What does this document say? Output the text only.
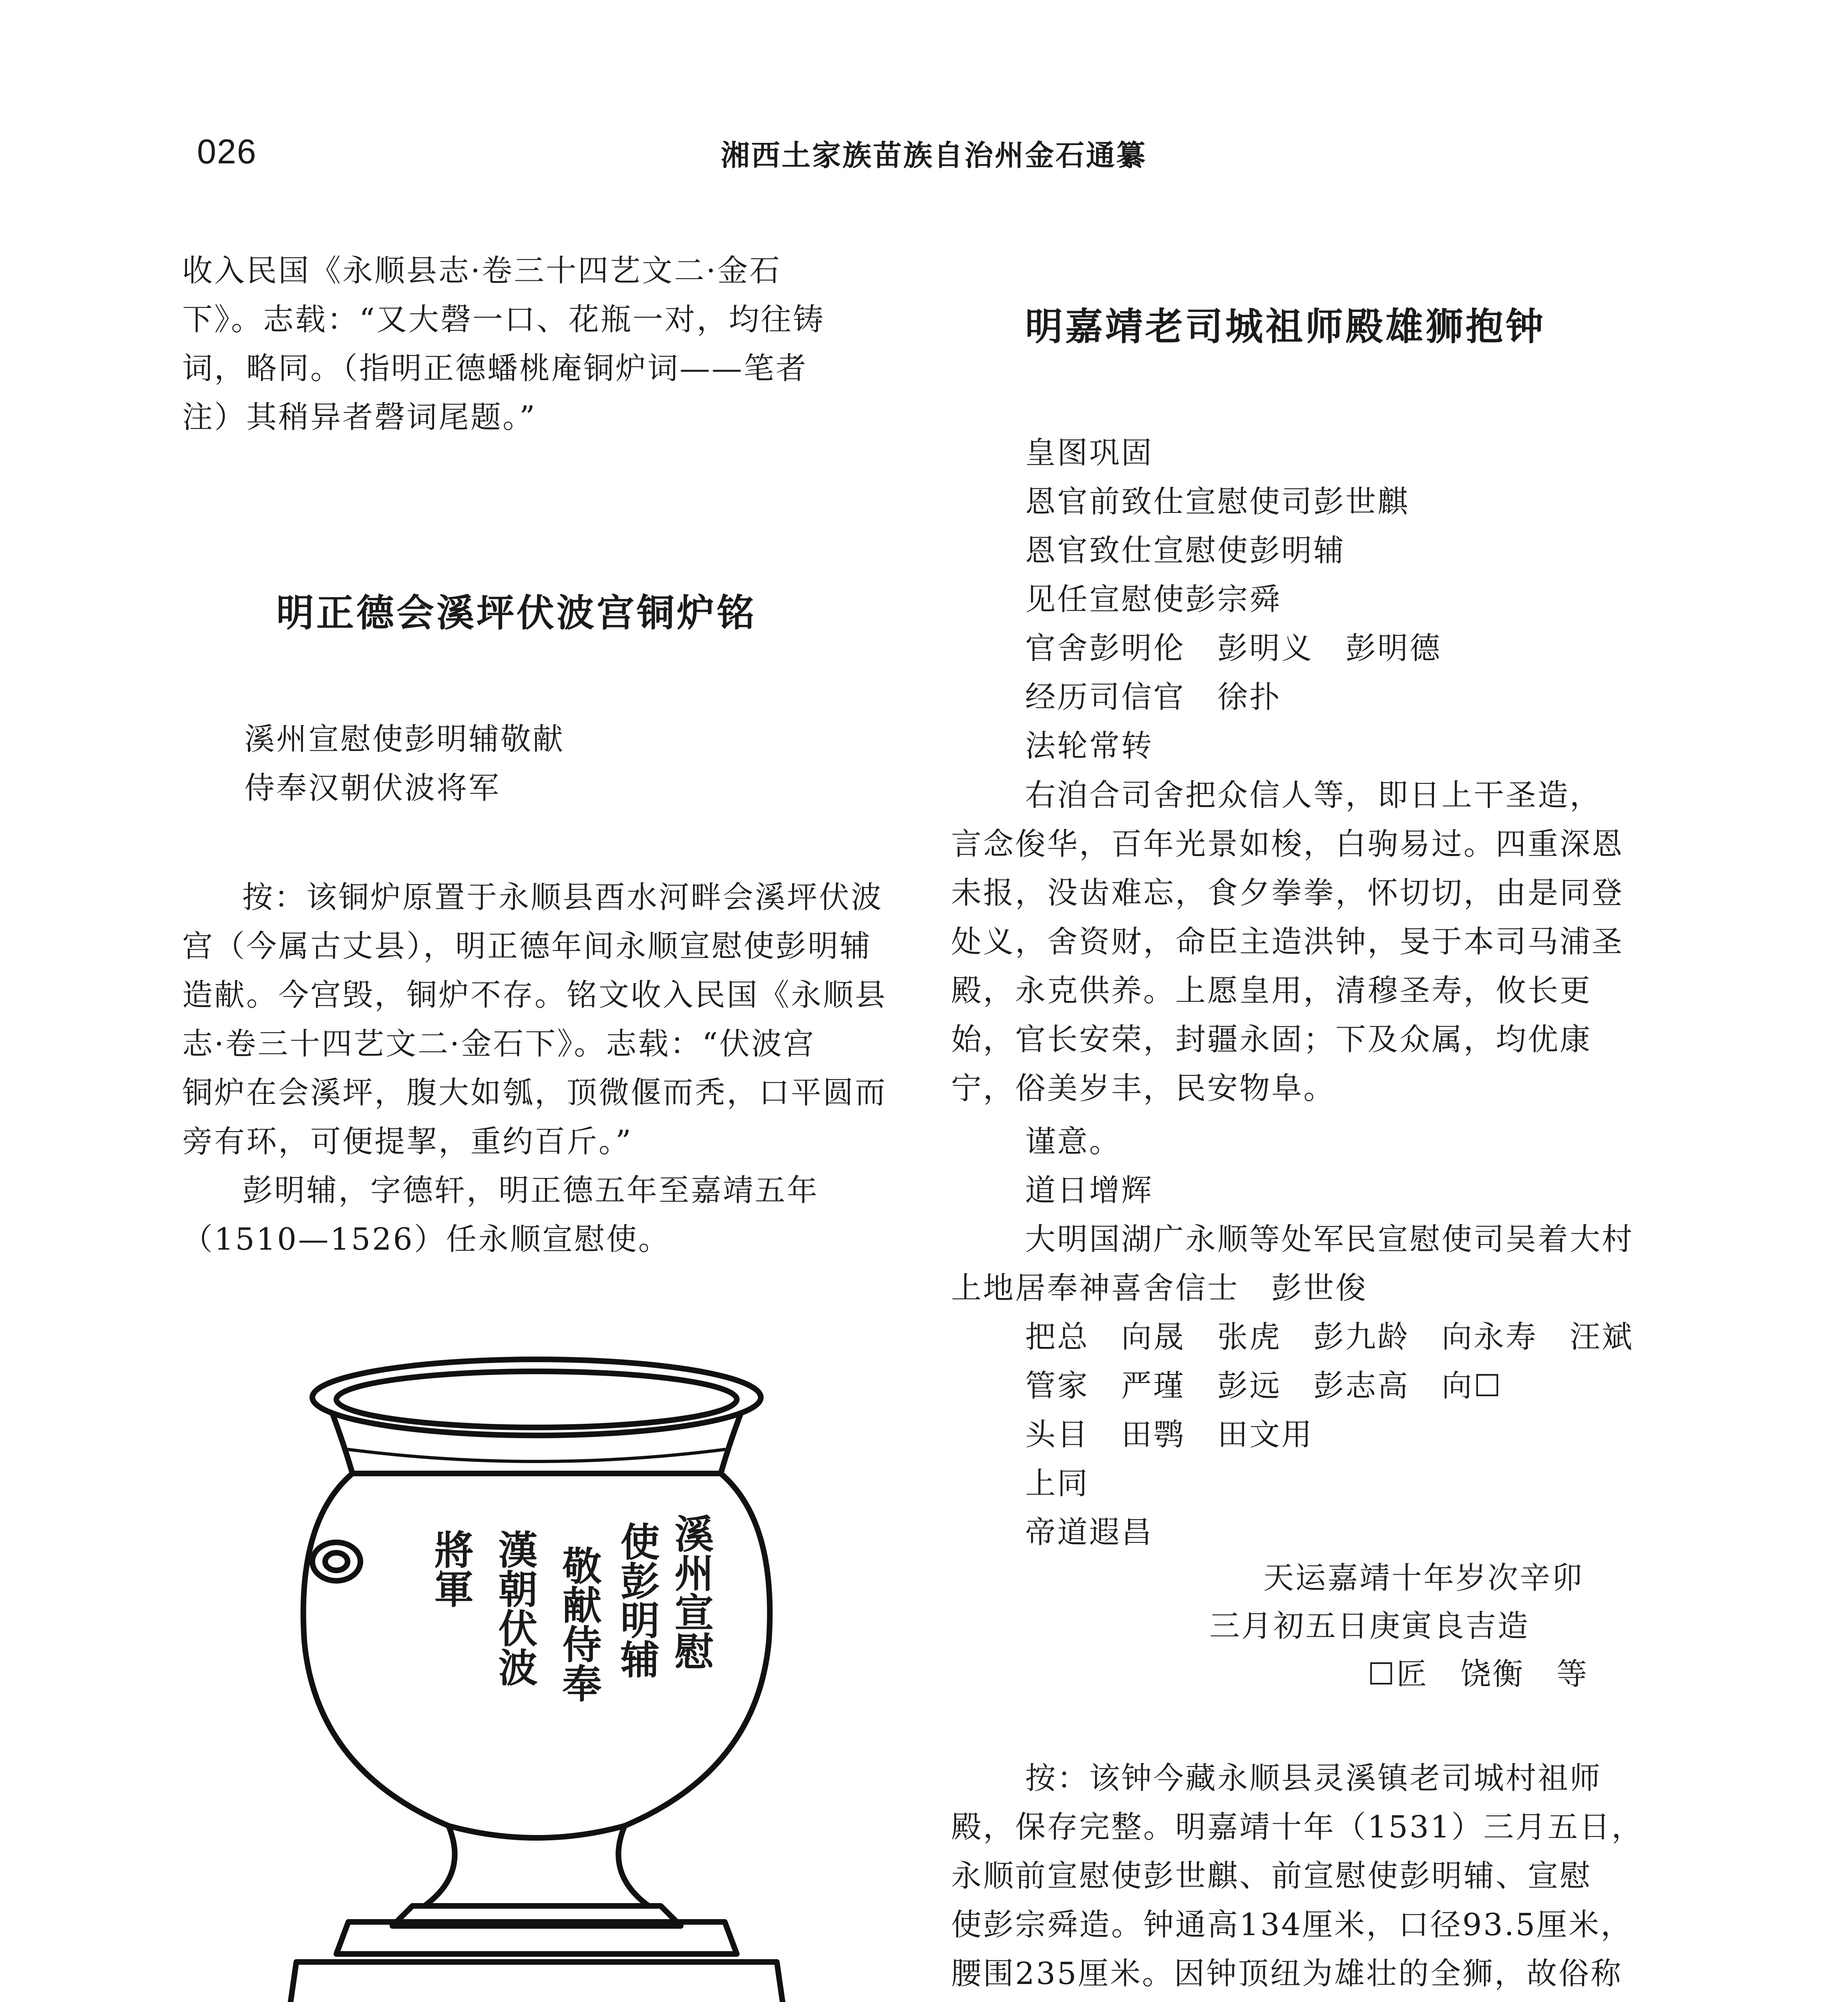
026	湘西土家族苗族自治州金石通纂

收入民国《永顺县志·卷三十四艺文二·金石

下》。志载：“又大磬一口、花瓶一对，均往铸

词，略同。（指明正德蟠桃庵铜炉词——笔者

注）其稍异者磬词尾题。”

明正德会溪坪伏波宫铜炉铭

溪州宣慰使彭明辅敬献

侍奉汉朝伏波将军

按：该铜炉原置于永顺县酉水河畔会溪坪伏波

宫（今属古丈县），明正德年间永顺宣慰使彭明辅

造献。今宫毁，铜炉不存。铭文收入民国《永顺县

志·卷三十四艺文二·金石下》。志载：“伏波宫

铜炉在会溪坪，腹大如瓠，顶微偃而秃，口平圆而

旁有环，可便提挈，重约百斤。”

彭明辅，字德轩，明正德五年至嘉靖五年

（1510—1526）任永顺宣慰使。

溪州宣慰
使彭明辅
敬献侍奉
漢朝伏波
將軍
明嘉靖老司城祖师殿雄狮抱钟

皇图巩固

恩官前致仕宣慰使司彭世麒

恩官致仕宣慰使彭明辅

见任宣慰使彭宗舜

官舍彭明伦　彭明义　彭明德

经历司信官　徐扑

法轮常转

右洎合司舍把众信人等，即日上干圣造，

言念俊华，百年光景如梭，白驹易过。四重深恩

未报，没齿难忘，食夕拳拳，怀切切，由是同登

处义，舍资财，命臣主造洪钟，旻于本司马浦圣

殿，永克供养。上愿皇用，清穆圣寿，攸长更

始，官长安荣，封疆永固；下及众属，均优康

宁，俗美岁丰，民安物阜。

谨意。

道日增辉

大明国湖广永顺等处军民宣慰使司吴着大村

上地居奉神喜舍信士　彭世俊

把总　向晟　张虎　彭九龄　向永寿　汪斌

管家　严瑾　彭远　彭志高　向☐

头目　田鹗　田文用

上同

帝道遐昌

天运嘉靖十年岁次辛卯
三月初五日庚寅良吉造
☐匠　饶衡　等

按：该钟今藏永顺县灵溪镇老司城村祖师

殿，保存完整。明嘉靖十年（1531）三月五日，

永顺前宣慰使彭世麒、前宣慰使彭明辅、宣慰

使彭宗舜造。钟通高134厘米，口径93.5厘米，

腰围235厘米。因钟顶纽为雄壮的全狮，故俗称
